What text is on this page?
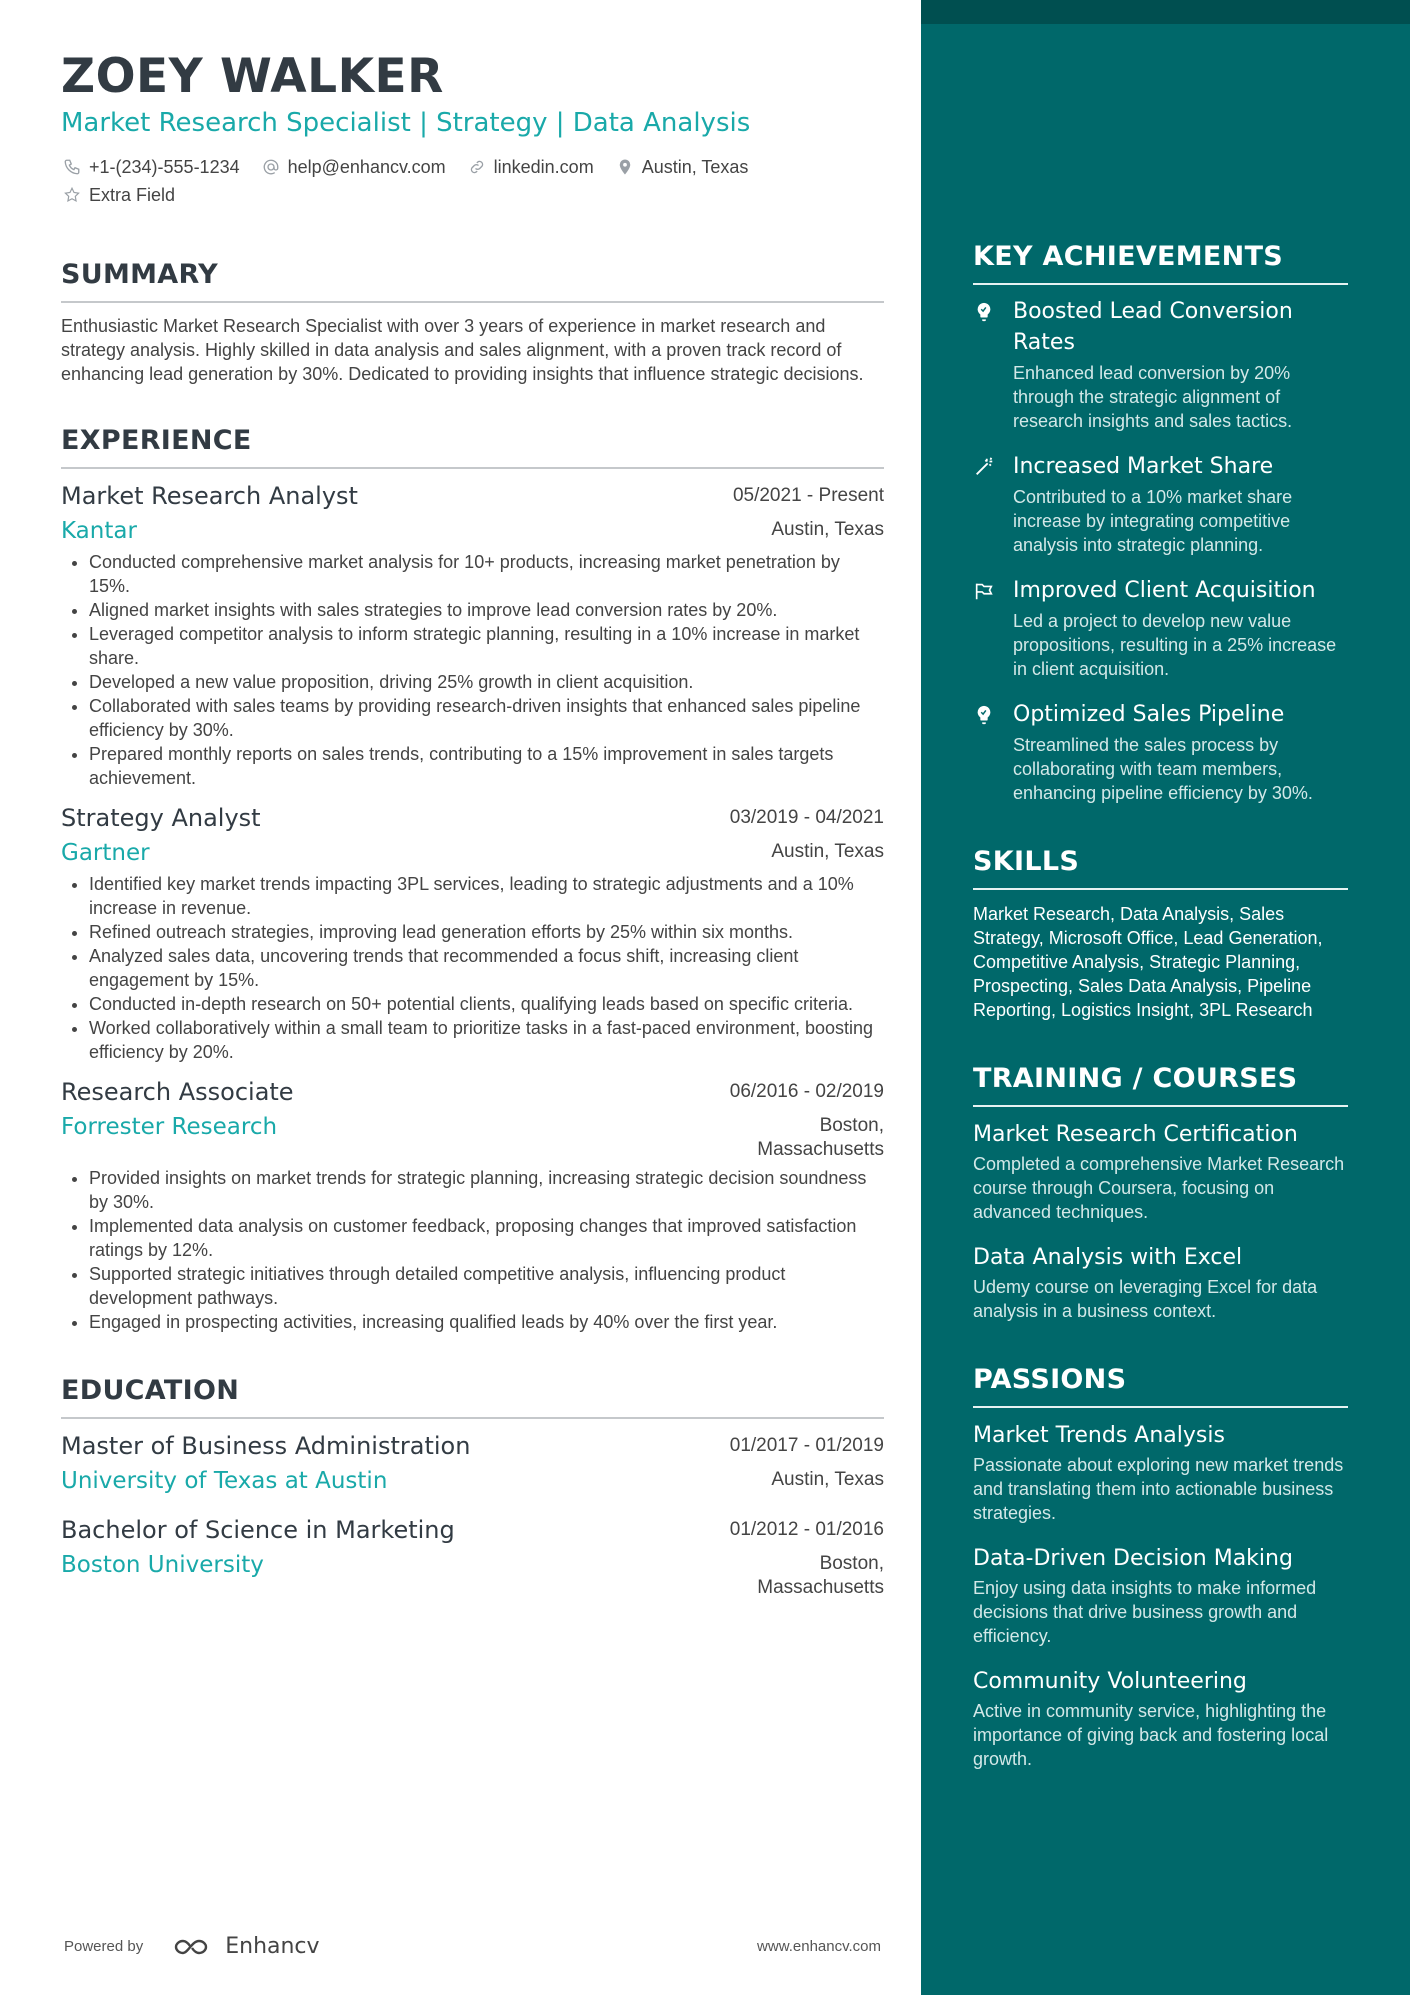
ZOEY WALKER
Market Research Specialist | Strategy | Data Analysis
+1-(234)-555-1234	help@enhancv.com	linkedin.com	Austin, Texas
Extra Field
SUMMARY

Enthusiastic Market Research Specialist with over 3 years of experience in market research and strategy analysis. Highly skilled in data analysis and sales alignment, with a proven track record of enhancing lead generation by 30%. Dedicated to providing insights that influence strategic decisions.

EXPERIENCE
Market Research Analyst	05/2021 - Present
Kantar	Austin, Texas
• Conducted comprehensive market analysis for 10+ products, increasing market penetration by 15%.
• Aligned market insights with sales strategies to improve lead conversion rates by 20%.
• Leveraged competitor analysis to inform strategic planning, resulting in a 10% increase in market share.
• Developed a new value proposition, driving 25% growth in client acquisition.
• Collaborated with sales teams by providing research-driven insights that enhanced sales pipeline efficiency by 30%.
• Prepared monthly reports on sales trends, contributing to a 15% improvement in sales targets achievement.
Strategy Analyst	03/2019 - 04/2021
Gartner	Austin, Texas
• Identified key market trends impacting 3PL services, leading to strategic adjustments and a 10% increase in revenue.
• Refined outreach strategies, improving lead generation efforts by 25% within six months.
• Analyzed sales data, uncovering trends that recommended a focus shift, increasing client engagement by 15%.
• Conducted in-depth research on 50+ potential clients, qualifying leads based on specific criteria.
• Worked collaboratively within a small team to prioritize tasks in a fast-paced environment, boosting efficiency by 20%.
Research Associate	06/2016 - 02/2019
Forrester Research	Boston,
Massachusetts
• Provided insights on market trends for strategic planning, increasing strategic decision soundness by 30%.
• Implemented data analysis on customer feedback, proposing changes that improved satisfaction ratings by 12%.
• Supported strategic initiatives through detailed competitive analysis, influencing product development pathways.
• Engaged in prospecting activities, increasing qualified leads by 40% over the first year.
EDUCATION
Master of Business Administration	01/2017 - 01/2019
University of Texas at Austin	Austin, Texas
Bachelor of Science in Marketing	01/2012 - 01/2016
Boston University	Boston,
Massachusetts
Powered by	Enhancv	www.enhancv.com
KEY ACHIEVEMENTS
Boosted Lead Conversion Rates
Enhanced lead conversion by 20% through the strategic alignment of research insights and sales tactics.
Increased Market Share
Contributed to a 10% market share increase by integrating competitive analysis into strategic planning.
Improved Client Acquisition
Led a project to develop new value propositions, resulting in a 25% increase in client acquisition.
Optimized Sales Pipeline
Streamlined the sales process by collaborating with team members, enhancing pipeline efficiency by 30%.
SKILLS
Market Research, Data Analysis, Sales Strategy, Microsoft Office, Lead Generation, Competitive Analysis, Strategic Planning, Prospecting, Sales Data Analysis, Pipeline Reporting, Logistics Insight, 3PL Research
TRAINING / COURSES
Market Research Certification
Completed a comprehensive Market Research course through Coursera, focusing on advanced techniques.
Data Analysis with Excel
Udemy course on leveraging Excel for data analysis in a business context.
PASSIONS
Market Trends Analysis
Passionate about exploring new market trends and translating them into actionable business strategies.
Data-Driven Decision Making
Enjoy using data insights to make informed decisions that drive business growth and efficiency.
Community Volunteering
Active in community service, highlighting the importance of giving back and fostering local growth.
